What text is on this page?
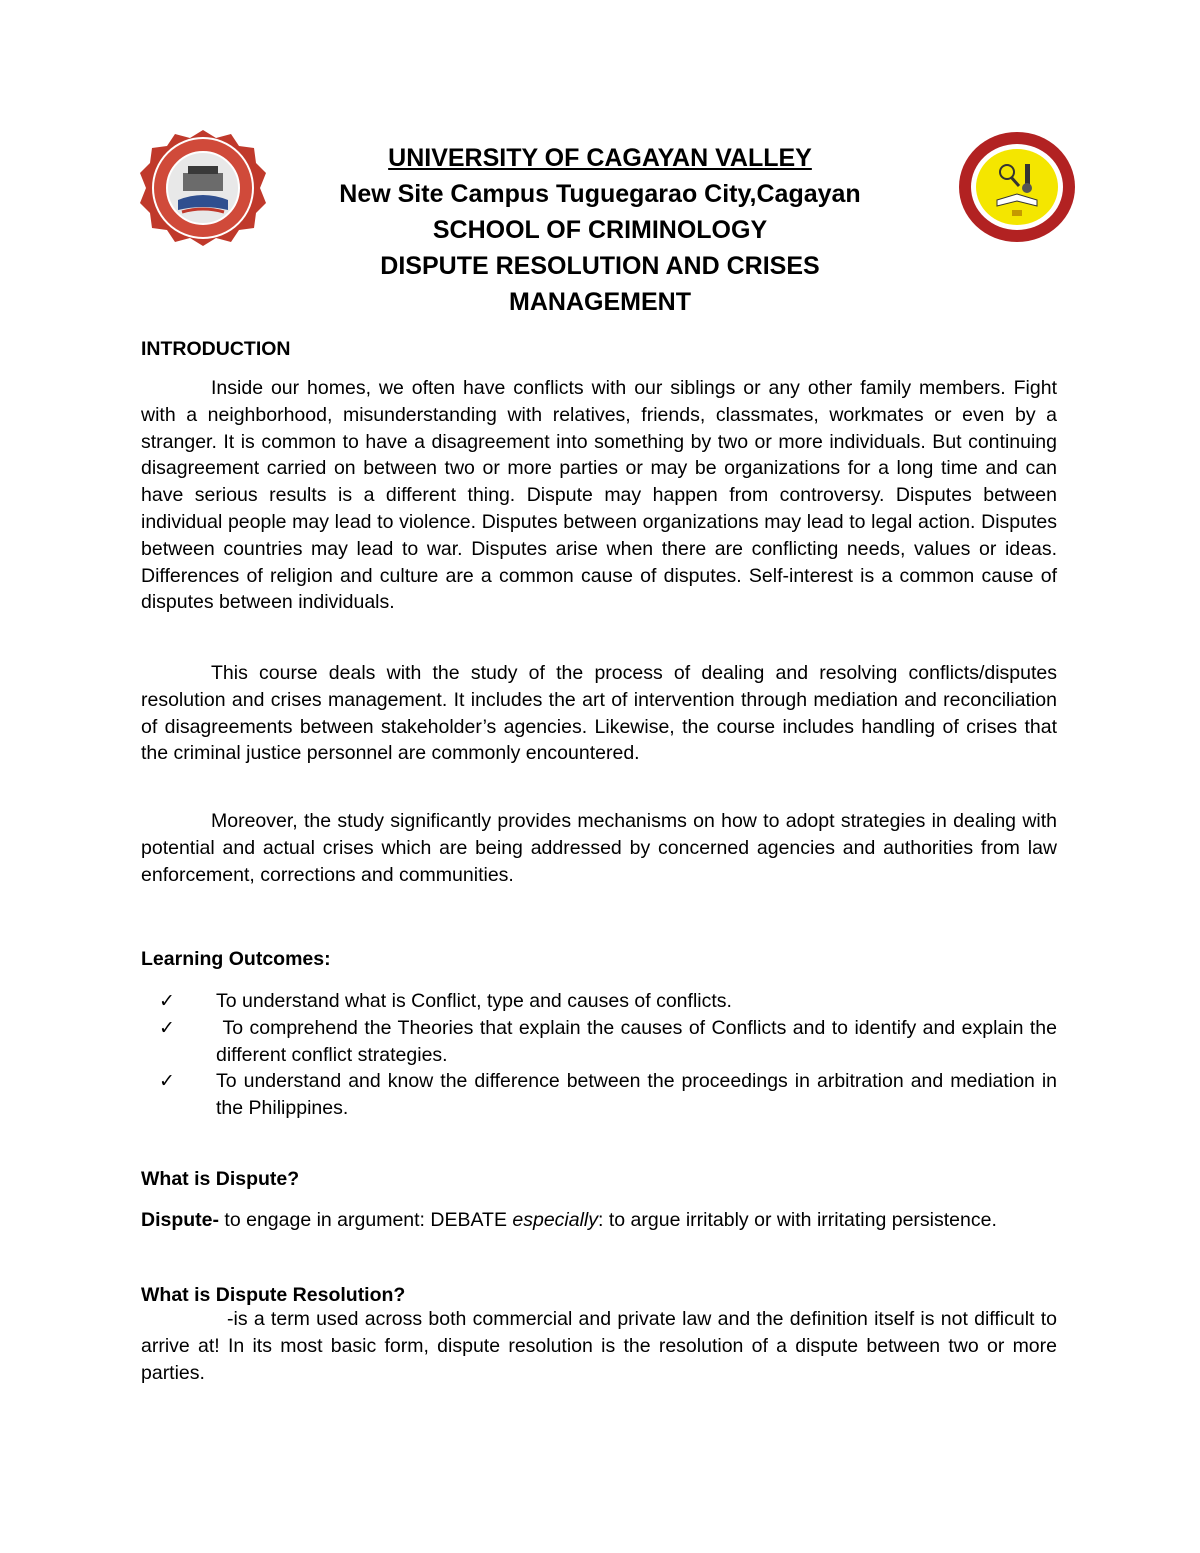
UNIVERSITY OF CAGAYAN VALLEY

New Site Campus Tuguegarao City,Cagayan

SCHOOL OF CRIMINOLOGY

DISPUTE RESOLUTION AND CRISES

MANAGEMENT

INTRODUCTION

Inside our homes, we often have conflicts with our siblings or any other family members. Fight with a neighborhood, misunderstanding with relatives, friends, classmates, workmates or even by a stranger. It is common to have a disagreement into something by two or more individuals. But continuing disagreement carried on between two or more parties or may be organizations for a long time and can have serious results is a different thing. Dispute may happen from controversy. Disputes between individual people may lead to violence. Disputes between organizations may lead to legal action. Disputes between countries may lead to war. Disputes arise when there are conflicting needs, values or ideas. Differences of religion and culture are a common cause of disputes. Self-interest is a common cause of disputes between individuals.

This course deals with the study of the process of dealing and resolving conflicts/disputes resolution and crises management. It includes the art of intervention through mediation and reconciliation of disagreements between stakeholder’s agencies. Likewise, the course includes handling of crises that the criminal justice personnel are commonly encountered.

Moreover, the study significantly provides mechanisms on how to adopt strategies in dealing with potential and actual crises which are being addressed by concerned agencies and authorities from law enforcement, corrections and communities.

Learning Outcomes:
✓ To understand what is Conflict, type and causes of conflicts.
✓ To comprehend the Theories that explain the causes of Conflicts and to identify and explain the different conflict strategies.
✓ To understand and know the difference between the proceedings in arbitration and mediation in the Philippines.
What is Dispute?

Dispute- to engage in argument: DEBATE especially: to argue irritably or with irritating persistence.

What is Dispute Resolution?

-is a term used across both commercial and private law and the definition itself is not difficult to arrive at! In its most basic form, dispute resolution is the resolution of a dispute between two or more parties.
